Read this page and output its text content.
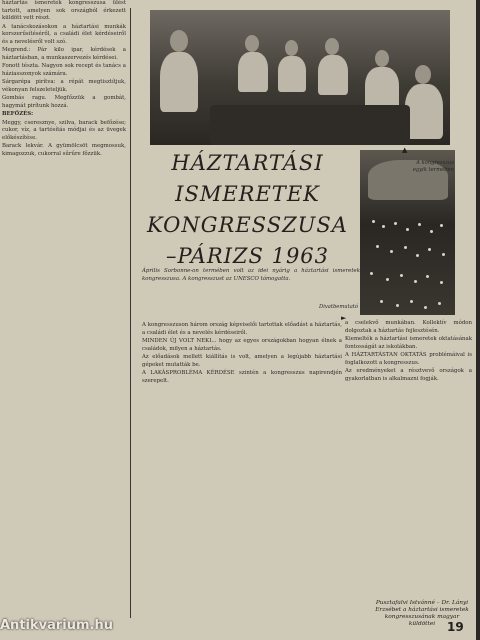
háztartás ismeretek kongresszusa ülést tartott, amelyen sok országból érkezett küldött vett részt.

A tanácskozásokon a háztartási munkák korszerűsítéséről, a családi élet kérdéseiről és a nevelésről volt szó.

Megrend.: Pár kilo ipar, kérdések a háztartásban, a munkaszervezés kérdései.

Fonott tészta. Nagyon sok recept és tanács a háziasszonyok számára.

Sárgarépa pirítva: a répát megtisztítjuk, vékonyan felszeleteljük.

Gombás ragu. Megfőzzük a gombát, hagymát pirítunk hozzá.

BEFŐZÉS:

Meggy, cseresznye, szilva, barack befőzése; cukor, víz, a tartósítás módjai és az üvegek előkészítése.

Barack lekvár. A gyümölcsöt megmossuk, kimagozzuk, cukorral sűrűre főzzük.	▲
A kongresszus egyik termében
HÁZTARTÁSI
ISMERETEK
KONGRESSZUSA
–PÁRIZS 1963
Divatbemutató
►

Április Sorbonne-on termében volt az idei nyárig a háztartási ismeretek kongresszusa. A kongresszust az UNESCO támogatta.

A kongresszuson három ország képviselői tartottak előadást a háztartás, a családi élet és a nevelés kérdéseiről.

MINDEN ÚJ VOLT NEKI... hogy az egyes országokban hogyan élnek a családok, milyen a háztartás.

Az előadások mellett kiállítás is volt, amelyen a legújabb háztartási gépeket mutatták be.

A LAKÁSPROBLÉMA KÉRDÉSE szintén a kongresszus napirendjén szerepelt.

a cselekvő munkában. Kollektív módon dolgoztak a háztartás fejlesztésén.

Kiemelték a háztartási ismeretek oktatásának fontosságát az iskolákban.

A HÁZTARTÁSTAN OKTATÁS problémáival is foglalkozott a kongresszus.

Az eredményeket a résztvevő országok a gyakorlatban is alkalmazni fogják.

Pusztafalvi Istvánné – Dr. Lányi Erzsébet a háztartási ismeretek kongresszusának magyar küldöttei 19
Antikvarium.hu
